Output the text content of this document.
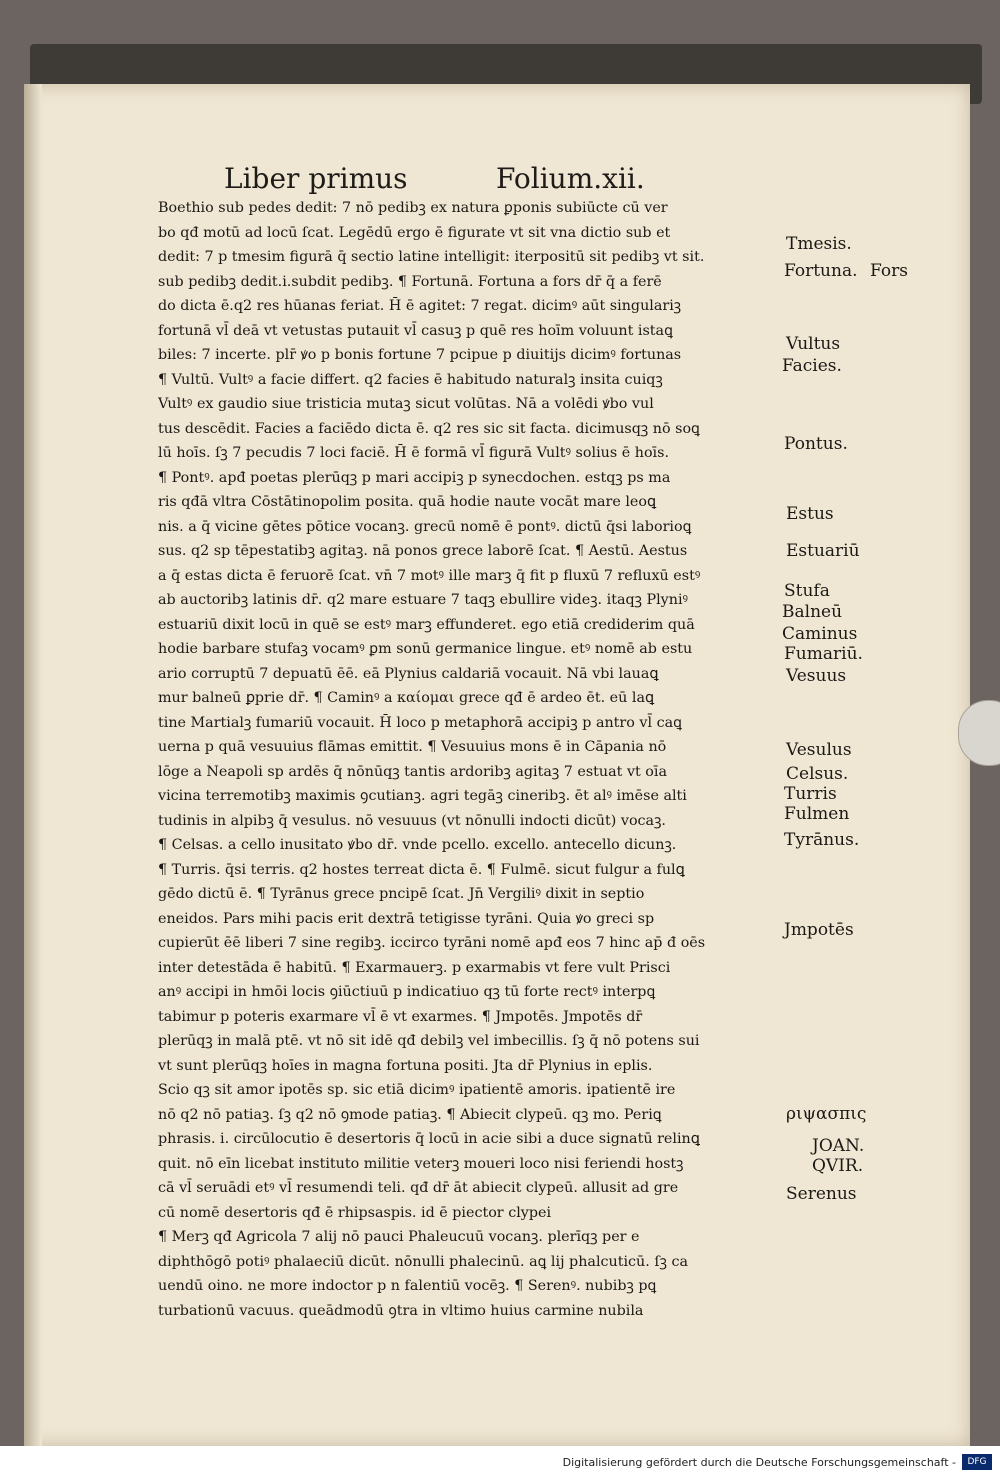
Liber primus	Folium.xii.
Boethio sub pedes dedit: 7 nō pedibꝫ ex natura ꝑponis subiūcte cū ver
bo qđ motū ad locū ſcat. Legēdū ergo ē figurate vt sit vna dictio sub et
dedit: 7 p tmesim figurā q̄ sectio latine intelligit: iterpositū sit pedibꝫ vt sit.
sub pedibꝫ dedit.i.subdit pedibꝫ. ¶ Fortunā. Fortuna a fors dr̄ q̄ a ferē
do dicta ē.q2 res hūanas feriat. H̄ ē agitet: 7 regat. dicimꝰ aūt singulariꝫ
fortunā vl̄ deā vt vetustas putauit vl̄ casuꝫ p quē res hoīm voluunt istaꝗ
biles: 7 incerte. plr̄ ꝟo p bonis fortune 7 pcipue p diuitijs dicimꝰ fortunas
¶ Vultū. Vultꝰ a facie differt. q2 facies ē habitudo naturalꝫ insita cuiqꝫ
Vultꝰ ex gaudio siue tristicia mutaꝫ sicut volūtas. Nā a volēdi ꝟbo vul
tus descēdit. Facies a faciēdo dicta ē. q2 res sic sit facta. dicimusqꝫ nō soꝗ
lū hoīs. ſꝫ 7 pecudis 7 loci faciē. H̄ ē formā vl̄ figurā Vultꝰ solius ē hoīs.
¶ Pontꝰ. apđ poetas plerūqꝫ p mari accipiꝫ p synecdochen. estqꝫ ps ma
ris qđā vltra Cōstātinopolim posita. quā hodie naute vocāt mare leoꝗ
nis. a q̄ vicine gētes pōtice vocanꝫ. grecū nomē ē pontꝰ. dictū q̄si laborioꝗ
sus. q2 sp tēpestatibꝫ agitaꝫ. nā ponos grece laborē ſcat. ¶ Aestū. Aestus
a q̄ estas dicta ē feruorē ſcat. vn̄ 7 motꝰ ille marꝫ q̄ fit p fluxū 7 refluxū estꝰ
ab auctoribꝫ latinis dr̄. q2 mare estuare 7 taqꝫ ebullire videꝫ. itaqꝫ Plyniꝰ
estuariū dixit locū in quē se estꝰ marꝫ effunderet. ego etiā crediderim quā
hodie barbare stufaꝫ vocamꝰ ꝑm sonū germanice lingue. etꝰ nomē ab estu
ario corruptū 7 depuatū ēē. eā Plynius caldariā vocauit. Nā vbi lauaꝗ
mur balneū ꝑprie dr̄. ¶ Caminꝰ a καίομαι grece qđ ē ardeo ēt. eū laꝗ
tine Martialꝫ fumariū vocauit. H̄ loco p metaphorā accipiꝫ p antro vl̄ caꝗ
uerna p quā vesuuius flāmas emittit. ¶ Vesuuius mons ē in Cāpania nō
lōge a Neapoli sp ardēs q̄ nōnūqꝫ tantis ardoribꝫ agitaꝫ 7 estuat vt oīa
vicina terremotibꝫ maximis ꝯcutianꝫ. agri tegāꝫ cineribꝫ. ēt alꝰ imēse alti
tudinis in alpibꝫ q̄ vesulus. nō vesuuus (vt nōnulli indocti dicūt) vocaꝫ.
¶ Celsas. a cello inusitato ꝟbo dr̄. vnde pcello. excello. antecello dicunꝫ.
¶ Turris. q̄si terris. q2 hostes terreat dicta ē. ¶ Fulmē. sicut fulgur a fulꝗ
gēdo dictū ē. ¶ Tyrānus grece pncipē ſcat. Jn̄ Vergiliꝰ dixit in septio
eneidos. Pars mihi pacis erit dextrā tetigisse tyrāni. Quia ꝟo greci sp
cupierūt ēē liberi 7 sine regibꝫ. iccirco tyrāni nomē apđ eos 7 hinc ap̄ đ oēs
inter detestāda ē habitū. ¶ Exarmauerꝫ. p exarmabis vt fere vult Prisci
anꝰ accipi in hmōi locis ꝯiūctiuū p indicatiuo qꝫ tū forte rectꝰ interpꝗ
tabimur p poteris exarmare vl̄ ē vt exarmes. ¶ Jmpotēs. Jmpotēs dr̄
plerūqꝫ in malā ptē. vt nō sit idē qđ debilꝫ vel imbecillis. ſꝫ q̄ nō potens sui
vt sunt plerūqꝫ hoīes in magna fortuna positi. Jta dr̄ Plynius in eplis.
Scio qꝫ sit amor ipotēs sp. sic etiā dicimꝰ ipatientē amoris. ipatientē ire
nō q2 nō patiaꝫ. ſꝫ q2 nō ꝯmode patiaꝫ. ¶ Abiecit clypeū. qꝫ mo. Periꝗ
phrasis. i. circūlocutio ē desertoris q̄ locū in acie sibi a duce signatū relinꝗ
quit. nō eīn licebat instituto militie veterꝫ moueri loco nisi feriendi hostꝫ
cā vl̄ seruādi etꝰ vl̄ resumendi teli. qđ dr̄ āt abiecit clypeū. allusit ad gre
cū nomē desertoris qđ ē rhipsaspis. id ē piector clypei
¶ Merꝫ qđ Agricola 7 alij nō pauci Phaleucuū vocanꝫ. plerīqꝫ per e
diphthōgō potiꝰ phalaeciū dicūt. nōnulli phalecinū. aꝗ lij phalcuticū. ſꝫ ca
uendū oino. ne more indoctor p n falentiū vocēꝫ. ¶ Serenꝰ. nubibꝫ pꝗ
turbationū vacuus. queādmodū ꝯtra in vltimo huius carmine nubila
Tmesis.
Fortuna. Fors
Vultus
Facies.
Pontus.
Estus
Estuariū
Stufa
Balneū
Caminus
Fumariū.
Vesuus
Vesulus
Celsus.
Turris
Fulmen
Tyrānus.
Jmpotēs
ριψασπις
JOAN.
QVIR.
Serenus
Digitalisierung gefördert durch die Deutsche Forschungsgemeinschaft -	DFG
